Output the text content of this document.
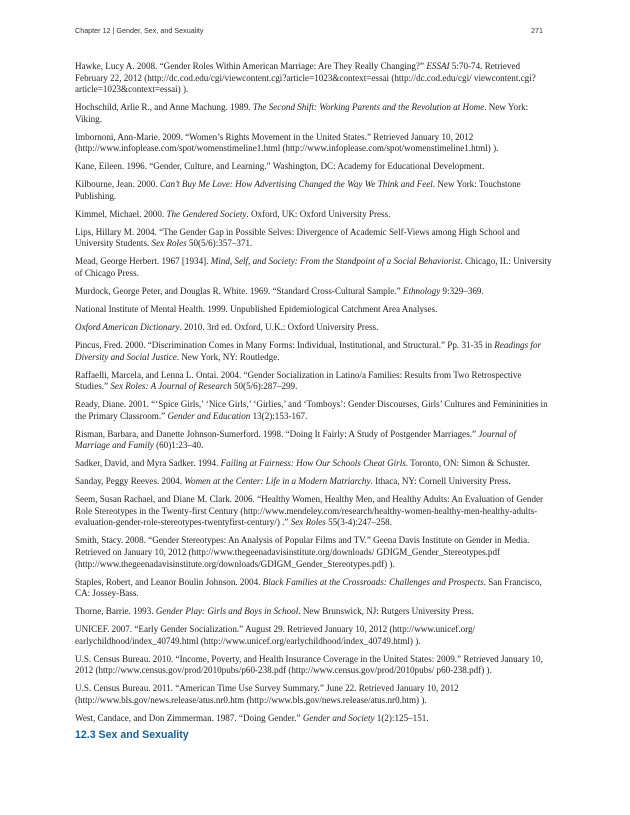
Chapter 12 | Gender, Sex, and Sexuality	271

Hawke, Lucy A. 2008. “Gender Roles Within American Marriage: Are They Really Changing?” ESSAI 5:70-74. Retrieved February 22, 2012 (http://dc.cod.edu/cgi/viewcontent.cgi?article=1023&context=essai (http://dc.cod.edu/cgi/ viewcontent.cgi?article=1023&context=essai) ).

Hochschild, Arlie R., and Anne Machung. 1989. The Second Shift: Working Parents and the Revolution at Home. New York: Viking.

Imbornoni, Ann-Marie. 2009. “Women’s Rights Movement in the United States.” Retrieved January 10, 2012 (http://www.infoplease.com/spot/womenstimeline1.html (http://www.infoplease.com/spot/womenstimeline1.html) ).

Kane, Eileen. 1996. “Gender, Culture, and Learning.” Washington, DC: Academy for Educational Development.

Kilbourne, Jean. 2000. Can’t Buy Me Love: How Advertising Changed the Way We Think and Feel. New York: Touchstone Publishing.

Kimmel, Michael. 2000. The Gendered Society. Oxford, UK: Oxford University Press.

Lips, Hillary M. 2004. “The Gender Gap in Possible Selves: Divergence of Academic Self-Views among High School and University Students. Sex Roles 50(5/6):357–371.

Mead, George Herbert. 1967 [1934]. Mind, Self, and Society: From the Standpoint of a Social Behaviorist. Chicago, IL: University of Chicago Press.

Murdock, George Peter, and Douglas R. White. 1969. “Standard Cross-Cultural Sample.” Ethnology 9:329–369.

National Institute of Mental Health. 1999. Unpublished Epidemiological Catchment Area Analyses.

Oxford American Dictionary. 2010. 3rd ed. Oxford, U.K.: Oxford University Press.

Pincus, Fred. 2000. “Discrimination Comes in Many Forms: Individual, Institutional, and Structural.” Pp. 31-35 in Readings for Diversity and Social Justice. New York, NY: Routledge.

Raffaelli, Marcela, and Lenna L. Ontai. 2004. “Gender Socialization in Latino/a Families: Results from Two Retrospective Studies.” Sex Roles: A Journal of Research 50(5/6):287–299.

Ready, Diane. 2001. “‘Spice Girls,’ ‘Nice Girls,’ ‘Girlies,’ and ‘Tomboys’: Gender Discourses, Girls’ Cultures and Femininities in the Primary Classroom.” Gender and Education 13(2):153-167.

Risman, Barbara, and Danette Johnson-Sumerford. 1998. “Doing It Fairly: A Study of Postgender Marriages.” Journal of Marriage and Family (60)1:23–40.

Sadker, David, and Myra Sadker. 1994. Failing at Fairness: How Our Schools Cheat Girls. Toronto, ON: Simon & Schuster.

Sanday, Peggy Reeves. 2004. Women at the Center: Life in a Modern Matriarchy. Ithaca, NY: Cornell University Press.

Seem, Susan Rachael, and Diane M. Clark. 2006. “Healthy Women, Healthy Men, and Healthy Adults: An Evaluation of Gender Role Stereotypes in the Twenty-first Century (http://www.mendeley.com/research/healthy-women-healthy-men-healthy-adults-evaluation-gender-role-stereotypes-twentyfirst-century/) .” Sex Roles 55(3-4):247–258.

Smith, Stacy. 2008. “Gender Stereotypes: An Analysis of Popular Films and TV.” Geena Davis Institute on Gender in Media. Retrieved on January 10, 2012 (http://www.thegeenadavisinstitute.org/downloads/ GDIGM_Gender_Stereotypes.pdf (http://www.thegeenadavisinstitute.org/downloads/GDIGM_Gender_Stereotypes.pdf) ).

Staples, Robert, and Leanor Boulin Johnson. 2004. Black Families at the Crossroads: Challenges and Prospects. San Francisco, CA: Jossey-Bass.

Thorne, Barrie. 1993. Gender Play: Girls and Boys in School. New Brunswick, NJ: Rutgers University Press.

UNICEF. 2007. “Early Gender Socialization.” August 29. Retrieved January 10, 2012 (http://www.unicef.org/ earlychildhood/index_40749.html (http://www.unicef.org/earlychildhood/index_40749.html) ).

U.S. Census Bureau. 2010. “Income, Poverty, and Health Insurance Coverage in the United States: 2009.” Retrieved January 10, 2012 (http://www.census.gov/prod/2010pubs/p60-238.pdf (http://www.census.gov/prod/2010pubs/ p60-238.pdf) ).

U.S. Census Bureau. 2011. “American Time Use Survey Summary.” June 22. Retrieved January 10, 2012 (http://www.bls.gov/news.release/atus.nr0.htm (http://www.bls.gov/news.release/atus.nr0.htm) ).

West, Candace, and Don Zimmerman. 1987. “Doing Gender.” Gender and Society 1(2):125–151.

12.3 Sex and Sexuality
